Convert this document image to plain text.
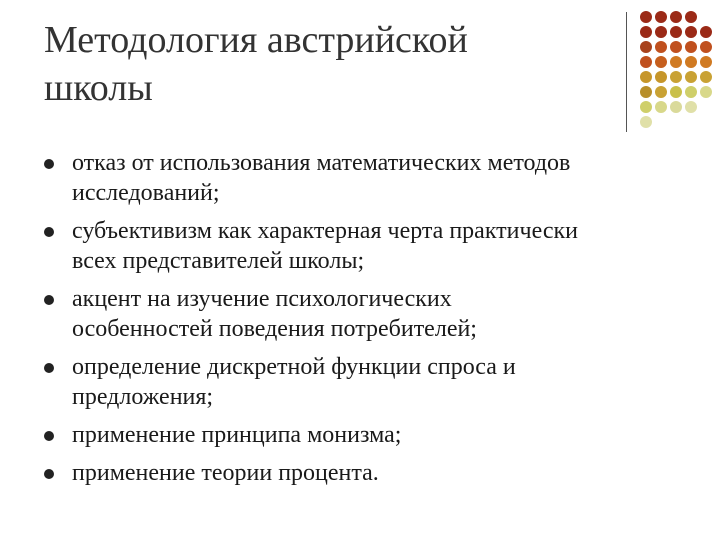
Методология австрийской
школы
отказ от использования математических методов
исследований;
субъективизм как характерная черта практически
всех представителей школы;
акцент на изучение психологических
особенностей поведения потребителей;
определение дискретной функции спроса и
предложения;
применение принципа монизма;
применение теории процента.
